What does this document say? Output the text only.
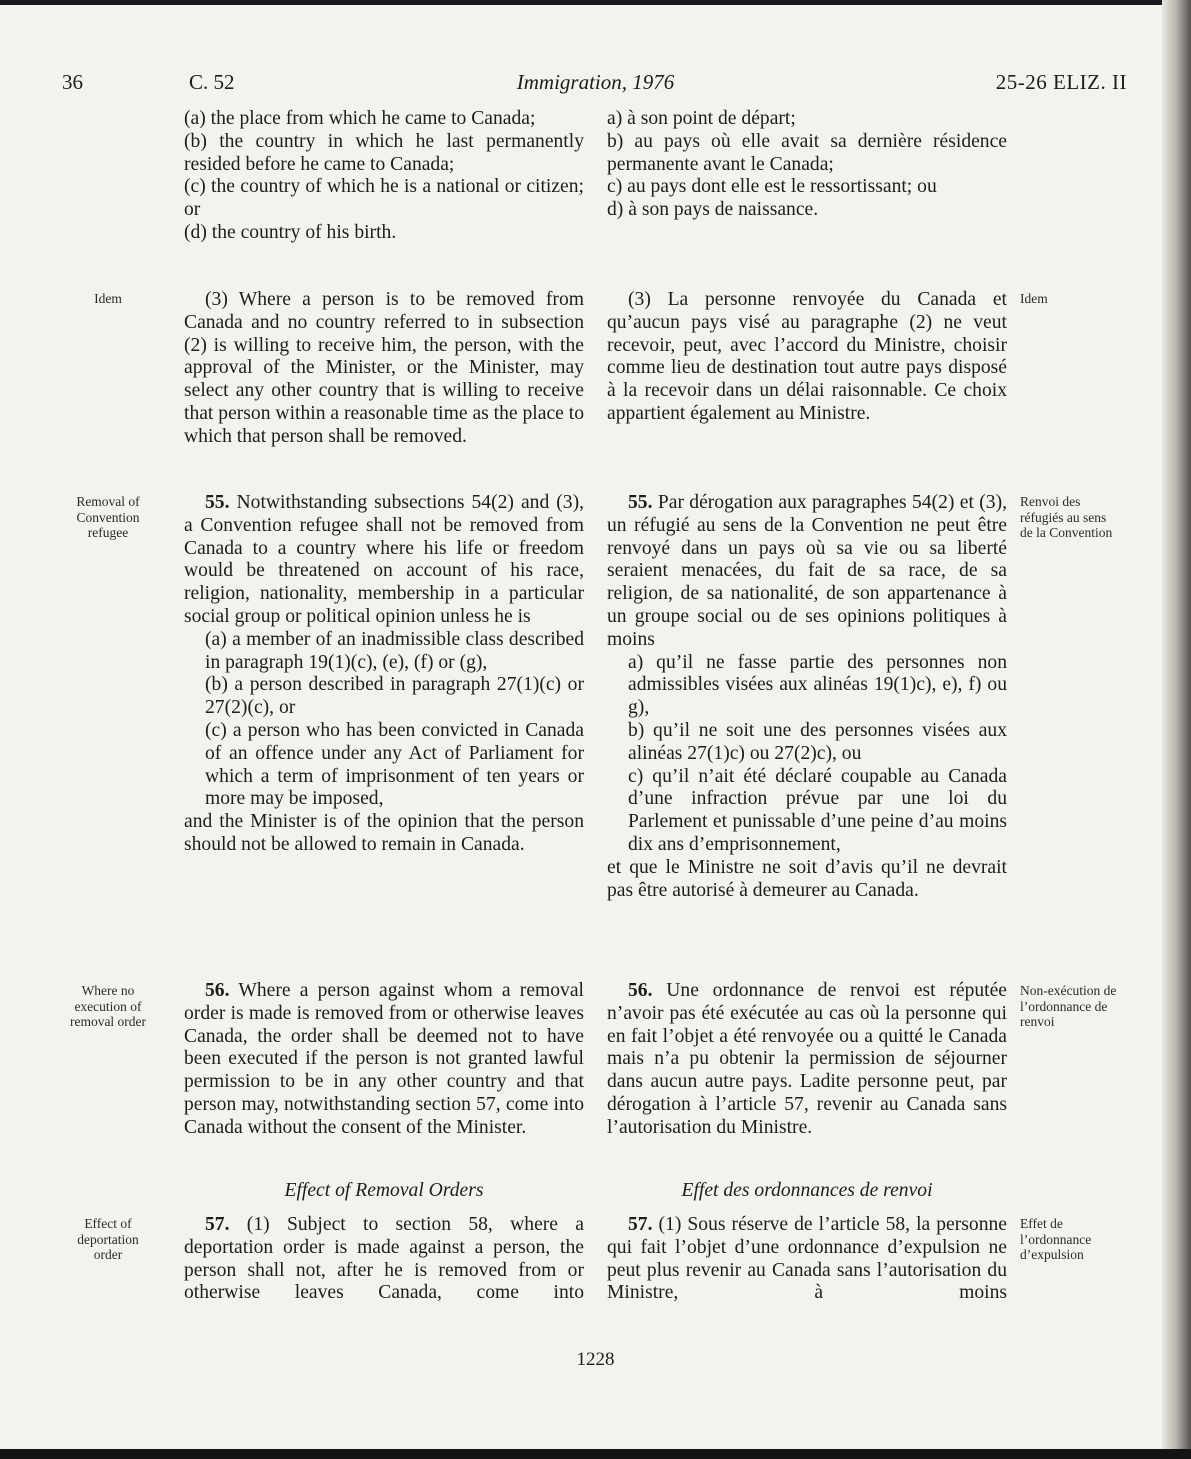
36	C. 52	Immigration, 1976	25-26 ELIZ. II

(a) the place from which he came to Canada;

(b) the country in which he last permanently resided before he came to Canada;

(c) the country of which he is a national or citizen; or

(d) the country of his birth.

a) à son point de départ;

b) au pays où elle avait sa dernière résidence permanente avant le Canada;

c) au pays dont elle est le ressortissant; ou

d) à son pays de naissance.

Idem	(3) Where a person is to be removed from Canada and no country referred to in subsection (2) is willing to receive him, the person, with the approval of the Minister, or the Minister, may select any other country that is willing to receive that person within a reasonable time as the place to which that person shall be removed.

(3) La personne renvoyée du Canada et qu’aucun pays visé au paragraphe (2) ne veut recevoir, peut, avec l’accord du Ministre, choisir comme lieu de destination tout autre pays disposé à la recevoir dans un délai raisonnable. Ce choix appartient également au Ministre.

Idem
Removal of Convention refugee

55. Notwithstanding subsections 54(2) and (3), a Convention refugee shall not be removed from Canada to a country where his life or freedom would be threatened on account of his race, religion, nationality, membership in a particular social group or political opinion unless he is

(a) a member of an inadmissible class described in paragraph 19(1)(c), (e), (f) or (g),

(b) a person described in paragraph 27(1)(c) or 27(2)(c), or

(c) a person who has been convicted in Canada of an offence under any Act of Parliament for which a term of imprisonment of ten years or more may be imposed,

and the Minister is of the opinion that the person should not be allowed to remain in Canada.

55. Par dérogation aux paragraphes 54(2) et (3), un réfugié au sens de la Convention ne peut être renvoyé dans un pays où sa vie ou sa liberté seraient menacées, du fait de sa race, de sa religion, de sa nationalité, de son appartenance à un groupe social ou de ses opinions politiques à moins

a) qu’il ne fasse partie des personnes non admissibles visées aux alinéas 19(1)c), e), f) ou g),

b) qu’il ne soit une des personnes visées aux alinéas 27(1)c) ou 27(2)c), ou

c) qu’il n’ait été déclaré coupable au Canada d’une infraction prévue par une loi du Parlement et punissable d’une peine d’au moins dix ans d’emprisonnement,

et que le Ministre ne soit d’avis qu’il ne devrait pas être autorisé à demeurer au Canada.

Renvoi des réfugiés au sens de la Convention
Where no execution of removal order

56. Where a person against whom a removal order is made is removed from or otherwise leaves Canada, the order shall be deemed not to have been executed if the person is not granted lawful permission to be in any other country and that person may, notwithstanding section 57, come into Canada without the consent of the Minister.

56. Une ordonnance de renvoi est réputée n’avoir pas été exécutée au cas où la personne qui en fait l’objet a été renvoyée ou a quitté le Canada mais n’a pu obtenir la permission de séjourner dans aucun autre pays. Ladite personne peut, par dérogation à l’article 57, revenir au Canada sans l’autorisation du Ministre.

Non-exécution de l’ordonnance de renvoi
Effect of Removal Orders	Effet des ordonnances de renvoi
Effect of deportation order

57. (1) Subject to section 58, where a deportation order is made against a person, the person shall not, after he is removed from or otherwise leaves Canada, come into

57. (1) Sous réserve de l’article 58, la personne qui fait l’objet d’une ordonnance d’expulsion ne peut plus revenir au Canada sans l’autorisation du Ministre, à moins

Effet de l’ordonnance d’expulsion
1228
